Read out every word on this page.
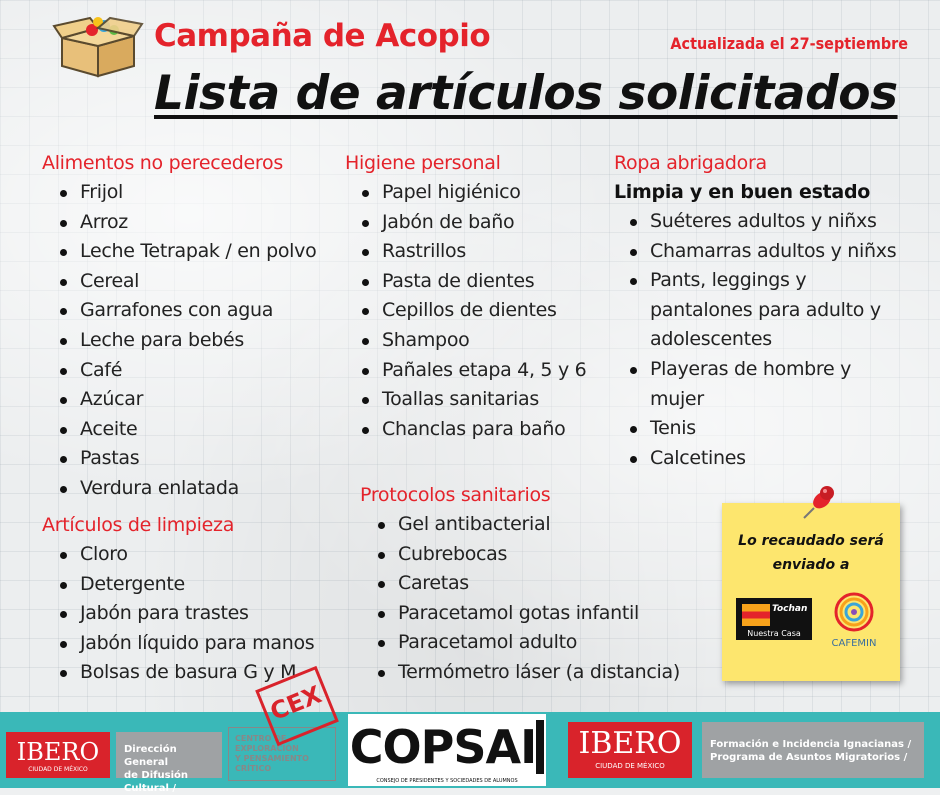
Campaña de Acopio	Actualizada el 27-septiembre
Lista de artículos solicitados
Alimentos no perecederos
Frijol
Arroz
Leche Tetrapak / en polvo
Cereal
Garrafones con agua
Leche para bebés
Café
Azúcar
Aceite
Pastas
Verdura enlatada
Artículos de limpieza
Cloro
Detergente
Jabón para trastes
Jabón líquido para manos
Bolsas de basura G y M
Higiene personal
Papel higiénico
Jabón de baño
Rastrillos
Pasta de dientes
Cepillos de dientes
Shampoo
Pañales etapa 4, 5 y 6
Toallas sanitarias
Chanclas para baño
Protocolos sanitarios
Gel antibacterial
Cubrebocas
Caretas
Paracetamol gotas infantil
Paracetamol adulto
Termómetro láser (a distancia)
Ropa abrigadora
Limpia y en buen estado
Suéteres adultos y niñxs
Chamarras adultos y niñxs
Pants, leggings y pantalones para adulto y adolescentes
Playeras de hombre y mujer
Tenis
Calcetines
Lo recaudado será
enviado a
Tochan
Nuestra Casa
CAFEMIN
IBERO
CIUDAD DE MÉXICO
Dirección General
de Difusión Cultural /
CENTRO DE
EXPLORACIÓN
Y PENSAMIENTO
CRÍTICO
CEX
COPSAI
CONSEJO DE PRESIDENTES Y SOCIEDADES DE ALUMNOS
IBERO
CIUDAD DE MÉXICO
Formación e Incidencia Ignacianas /
Programa de Asuntos Migratorios /
